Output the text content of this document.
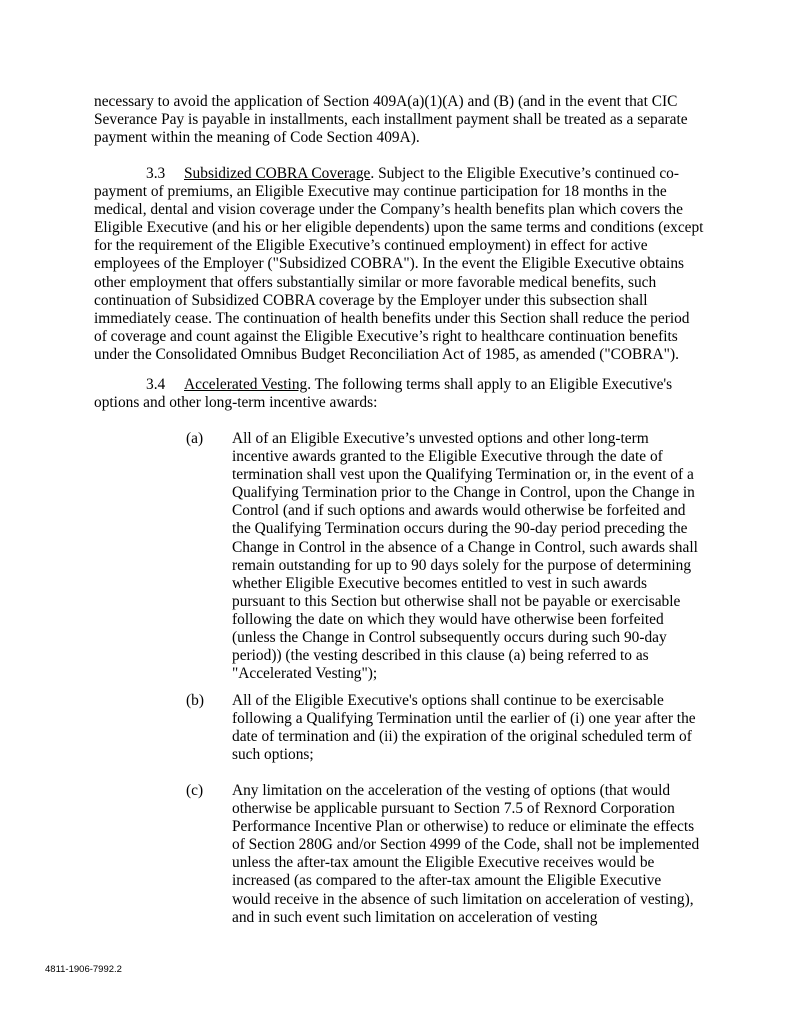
necessary to avoid the application of Section 409A(a)(1)(A) and (B) (and in the event that CIC Severance Pay is payable in installments, each installment payment shall be treated as a separate payment within the meaning of Code Section 409A).

3.3 Subsidized COBRA Coverage. Subject to the Eligible Executive’s continued co-payment of premiums, an Eligible Executive may continue participation for 18 months in the medical, dental and vision coverage under the Company’s health benefits plan which covers the Eligible Executive (and his or her eligible dependents) upon the same terms and conditions (except for the requirement of the Eligible Executive’s continued employment) in effect for active employees of the Employer ("Subsidized COBRA"). In the event the Eligible Executive obtains other employment that offers substantially similar or more favorable medical benefits, such continuation of Subsidized COBRA coverage by the Employer under this subsection shall immediately cease. The continuation of health benefits under this Section shall reduce the period of coverage and count against the Eligible Executive’s right to healthcare continuation benefits under the Consolidated Omnibus Budget Reconciliation Act of 1985, as amended ("COBRA").

3.4 Accelerated Vesting. The following terms shall apply to an Eligible Executive's options and other long-term incentive awards:

(a) All of an Eligible Executive’s unvested options and other long-term incentive awards granted to the Eligible Executive through the date of termination shall vest upon the Qualifying Termination or, in the event of a Qualifying Termination prior to the Change in Control, upon the Change in Control (and if such options and awards would otherwise be forfeited and the Qualifying Termination occurs during the 90-day period preceding the Change in Control in the absence of a Change in Control, such awards shall remain outstanding for up to 90 days solely for the purpose of determining whether Eligible Executive becomes entitled to vest in such awards pursuant to this Section but otherwise shall not be payable or exercisable following the date on which they would have otherwise been forfeited (unless the Change in Control subsequently occurs during such 90-day period)) (the vesting described in this clause (a) being referred to as "Accelerated Vesting");

(b) All of the Eligible Executive's options shall continue to be exercisable following a Qualifying Termination until the earlier of (i) one year after the date of termination and (ii) the expiration of the original scheduled term of such options;

(c) Any limitation on the acceleration of the vesting of options (that would otherwise be applicable pursuant to Section 7.5 of Rexnord Corporation Performance Incentive Plan or otherwise) to reduce or eliminate the effects of Section 280G and/or Section 4999 of the Code, shall not be implemented unless the after-tax amount the Eligible Executive receives would be increased (as compared to the after-tax amount the Eligible Executive would receive in the absence of such limitation on acceleration of vesting), and in such event such limitation on acceleration of vesting

4811-1906-7992.2
